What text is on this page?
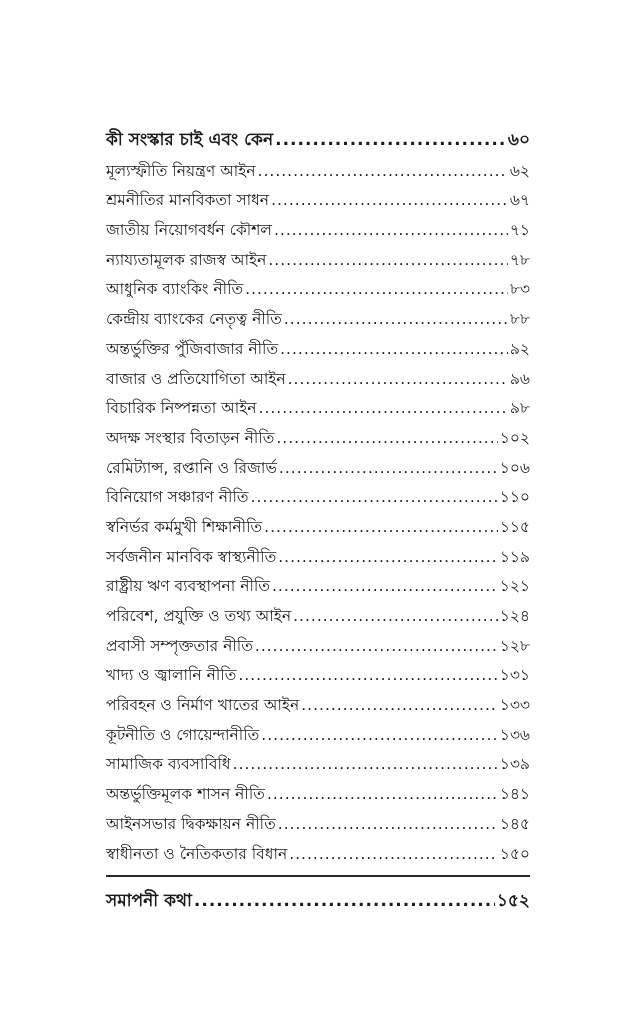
কী সংস্কার চাই এবং কেন .....	৬০
মূল্যস্ফীতি নিয়ন্ত্রণ আইন .....	৬২
শ্রমনীতির মানবিকতা সাধন .....	৬৭
জাতীয় নিয়োগবর্ধন কৌশল .....	৭১
ন্যায্যতামূলক রাজস্ব আইন .....	৭৮
আধুনিক ব্যাংকিং নীতি .....	৮৩
কেন্দ্রীয় ব্যাংকের নেতৃত্ব নীতি .....	৮৮
অন্তর্ভুক্তির পুঁজিবাজার নীতি .....	৯২
বাজার ও প্রতিযোগিতা আইন .....	৯৬
বিচারিক নিষ্পন্নতা আইন .....	৯৮
অদক্ষ সংস্থার বিতাড়ন নীতি .....	১০২
রেমিট্যান্স, রপ্তানি ও রিজার্ভ .....	১০৬
বিনিয়োগ সঞ্চারণ নীতি .....	১১০
স্বনির্ভর কর্মমুখী শিক্ষানীতি .....	১১৫
সর্বজনীন মানবিক স্বাস্থ্যনীতি .....	১১৯
রাষ্ট্রীয় ঋণ ব্যবস্থাপনা নীতি .....	১২১
পরিবেশ, প্রযুক্তি ও তথ্য আইন .....	১২৪
প্রবাসী সম্পৃক্ততার নীতি .....	১২৮
খাদ্য ও জ্বালানি নীতি .....	১৩১
পরিবহন ও নির্মাণ খাতের আইন .....	১৩৩
কূটনীতি ও গোয়েন্দানীতি .....	১৩৬
সামাজিক ব্যবসাবিধি .....	১৩৯
অন্তর্ভুক্তিমূলক শাসন নীতি .....	১৪১
আইনসভার দ্বিকক্ষায়ন নীতি .....	১৪৫
স্বাধীনতা ও নৈতিকতার বিধান .....	১৫০
সমাপনী কথা .....	১৫২
